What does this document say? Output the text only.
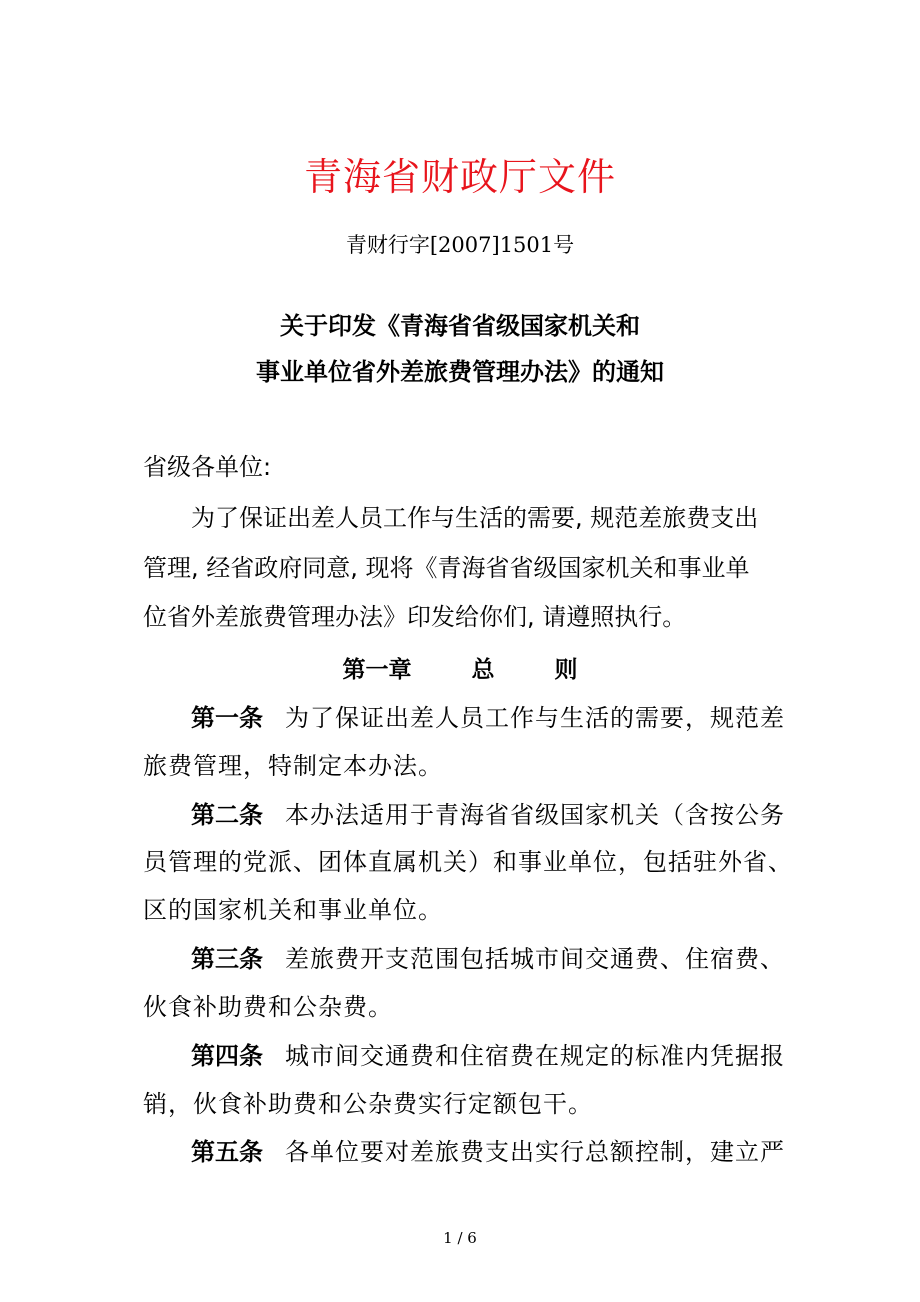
青海省财政厅文件
青财行字[2007]1501号
关于印发《青海省省级国家机关和
事业单位省外差旅费管理办法》的通知
省级各单位:
为了保证出差人员工作与生活的需要, 规范差旅费支出
管理, 经省政府同意, 现将《青海省省级国家机关和事业单
位省外差旅费管理办法》印发给你们, 请遵照执行。
第一章	总	则
第一条 为了保证出差人员工作与生活的需要，规范差
旅费管理，特制定本办法。
第二条 本办法适用于青海省省级国家机关（含按公务
员管理的党派、团体直属机关）和事业单位，包括驻外省、
区的国家机关和事业单位。
第三条 差旅费开支范围包括城市间交通费、住宿费、
伙食补助费和公杂费。
第四条 城市间交通费和住宿费在规定的标准内凭据报
销，伙食补助费和公杂费实行定额包干。
第五条 各单位要对差旅费支出实行总额控制，建立严
1 / 6
